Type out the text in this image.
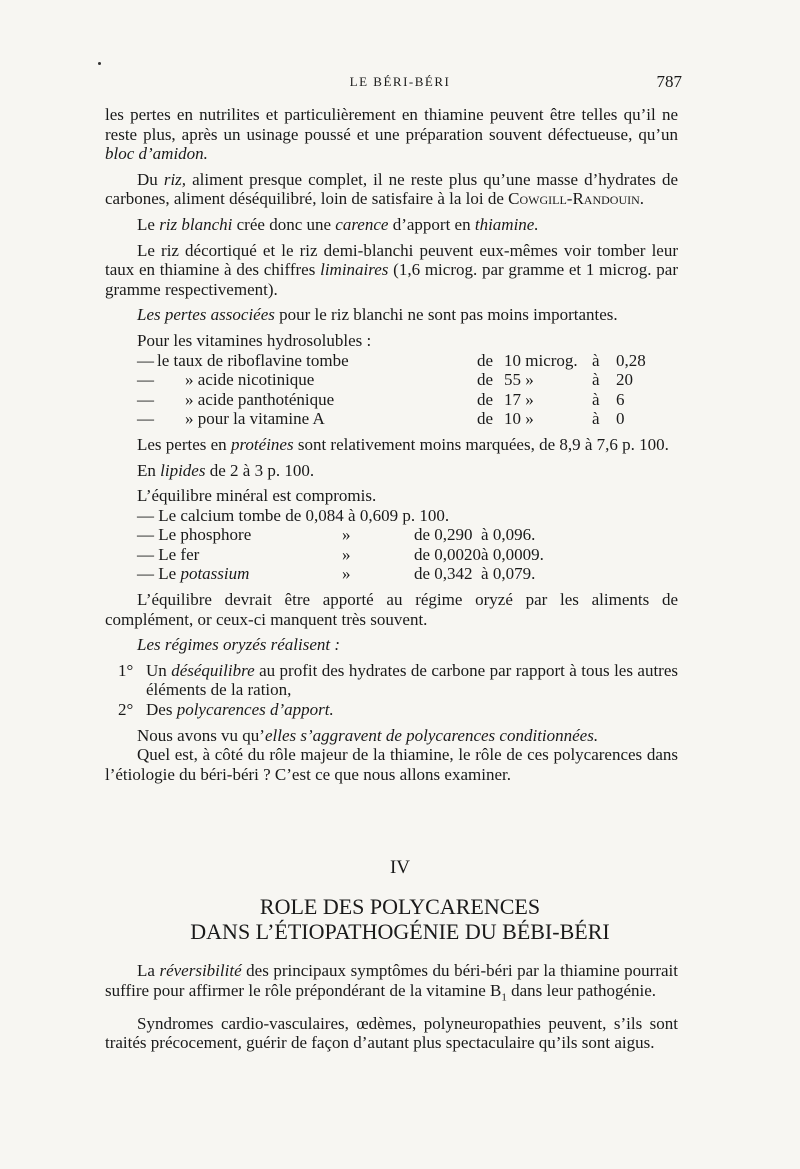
LE BÉRI-BÉRI	787

les pertes en nutrilites et particulièrement en thiamine peuvent être telles qu’il ne reste plus, après un usinage poussé et une préparation souvent défectueuse, qu’un bloc d’amidon.

Du riz, aliment presque complet, il ne reste plus qu’une masse d’hydrates de carbones, aliment déséquilibré, loin de satisfaire à la loi de Cowgill-Randouin.

Le riz blanchi crée donc une carence d’apport en thiamine.

Le riz décortiqué et le riz demi-blanchi peuvent eux-mêmes voir tomber leur taux en thiamine à des chiffres liminaires (1,6 microg. par gramme et 1 microg. par gramme respectivement).

Les pertes associées pour le riz blanchi ne sont pas moins importantes.

Pour les vitamines hydrosolubles :

—	le taux de riboflavine tombe	de	10 microg.	à	0,28
—	» acide nicotinique	de	55 »	à	20
—	» acide panthoténique	de	17 »	à	6
—	» pour la vitamine A	de	10 »	à	0

Les pertes en protéines sont relativement moins marquées, de 8,9 à 7,6 p. 100.

En lipides de 2 à 3 p. 100.

L’équilibre minéral est compromis.

— Le calcium tombe de 0,084 à 0,609 p. 100.

— Le phosphore	»	de 0,290	à 0,096.
— Le fer	»	de 0,0020	à 0,0009.
— Le potassium	»	de 0,342	à 0,079.

L’équilibre devrait être apporté au régime oryzé par les aliments de complément, or ceux-ci manquent très souvent.

Les régimes oryzés réalisent :

1° Un déséquilibre au profit des hydrates de carbone par rapport à tous les autres éléments de la ration,

2° Des polycarences d’apport.

Nous avons vu qu’elles s’aggravent de polycarences conditionnées.

Quel est, à côté du rôle majeur de la thiamine, le rôle de ces polycarences dans l’étiologie du béri-béri ? C’est ce que nous allons examiner.

IV
ROLE DES POLYCARENCES
DANS L’ÉTIOPATHOGÉNIE DU BÉBI-BÉRI

La réversibilité des principaux symptômes du béri-béri par la thiamine pourrait suffire pour affirmer le rôle prépondérant de la vitamine $B_1$ dans leur pathogénie.

Syndromes cardio-vasculaires, œdèmes, polyneuropathies peuvent, s’ils sont traités précocement, guérir de façon d’autant plus spectaculaire qu’ils sont aigus.
